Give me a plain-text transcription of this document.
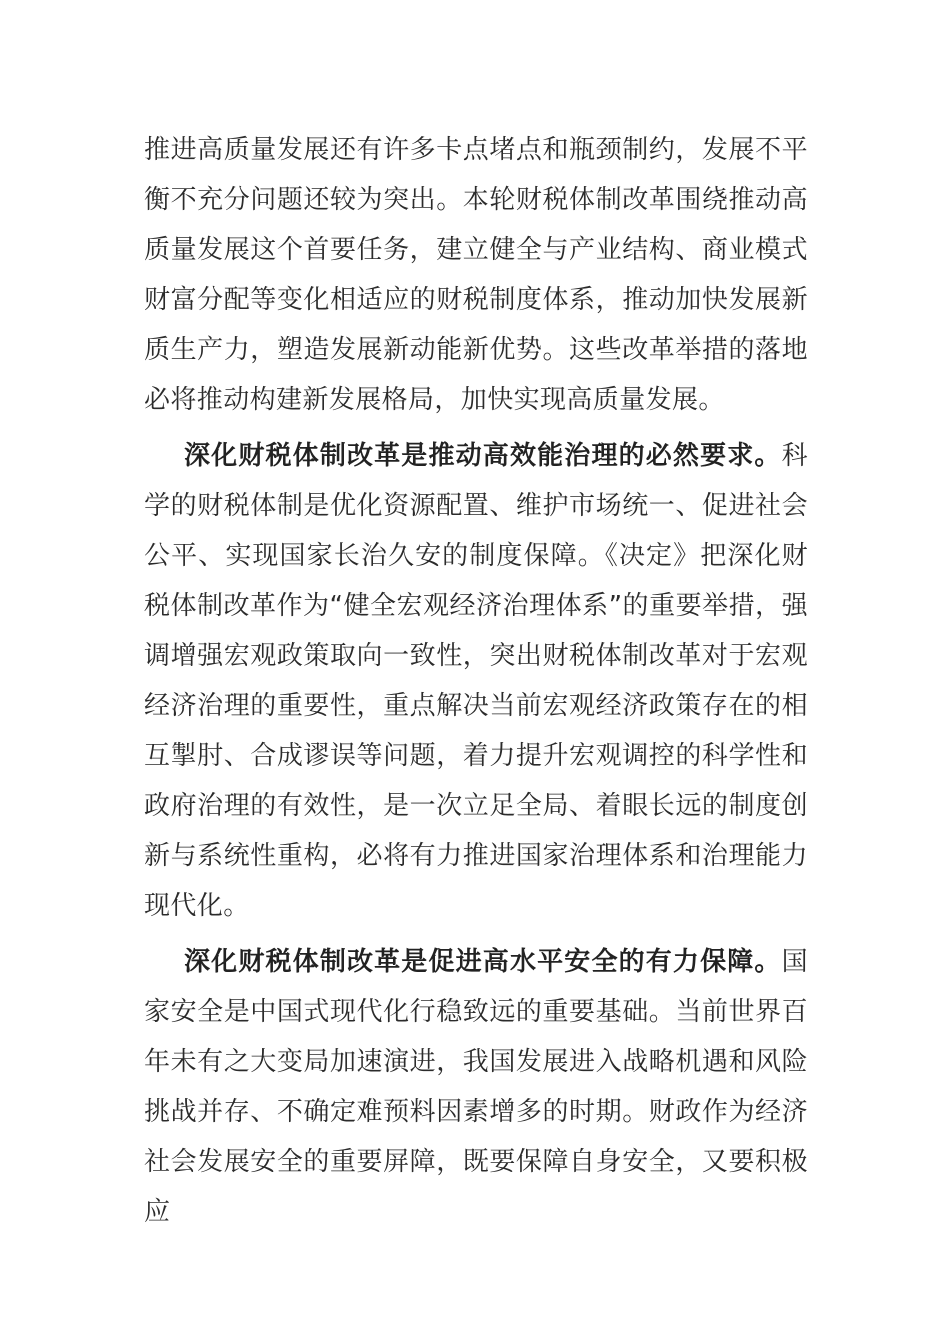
推进高质量发展还有许多卡点堵点和瓶颈制约，发展不平衡不充分问题还较为突出。本轮财税体制改革围绕推动高质量发展这个首要任务，建立健全与产业结构、商业模式财富分配等变化相适应的财税制度体系，推动加快发展新质生产力，塑造发展新动能新优势。这些改革举措的落地必将推动构建新发展格局，加快实现高质量发展。

深化财税体制改革是推动高效能治理的必然要求。科学的财税体制是优化资源配置、维护市场统一、促进社会公平、实现国家长治久安的制度保障。《决定》把深化财税体制改革作为“健全宏观经济治理体系”的重要举措，强调增强宏观政策取向一致性，突出财税体制改革对于宏观经济治理的重要性，重点解决当前宏观经济政策存在的相互掣肘、合成谬误等问题，着力提升宏观调控的科学性和政府治理的有效性，是一次立足全局、着眼长远的制度创新与系统性重构，必将有力推进国家治理体系和治理能力现代化。

深化财税体制改革是促进高水平安全的有力保障。国家安全是中国式现代化行稳致远的重要基础。当前世界百年未有之大变局加速演进，我国发展进入战略机遇和风险挑战并存、不确定难预料因素增多的时期。财政作为经济社会发展安全的重要屏障，既要保障自身安全，又要积极应
